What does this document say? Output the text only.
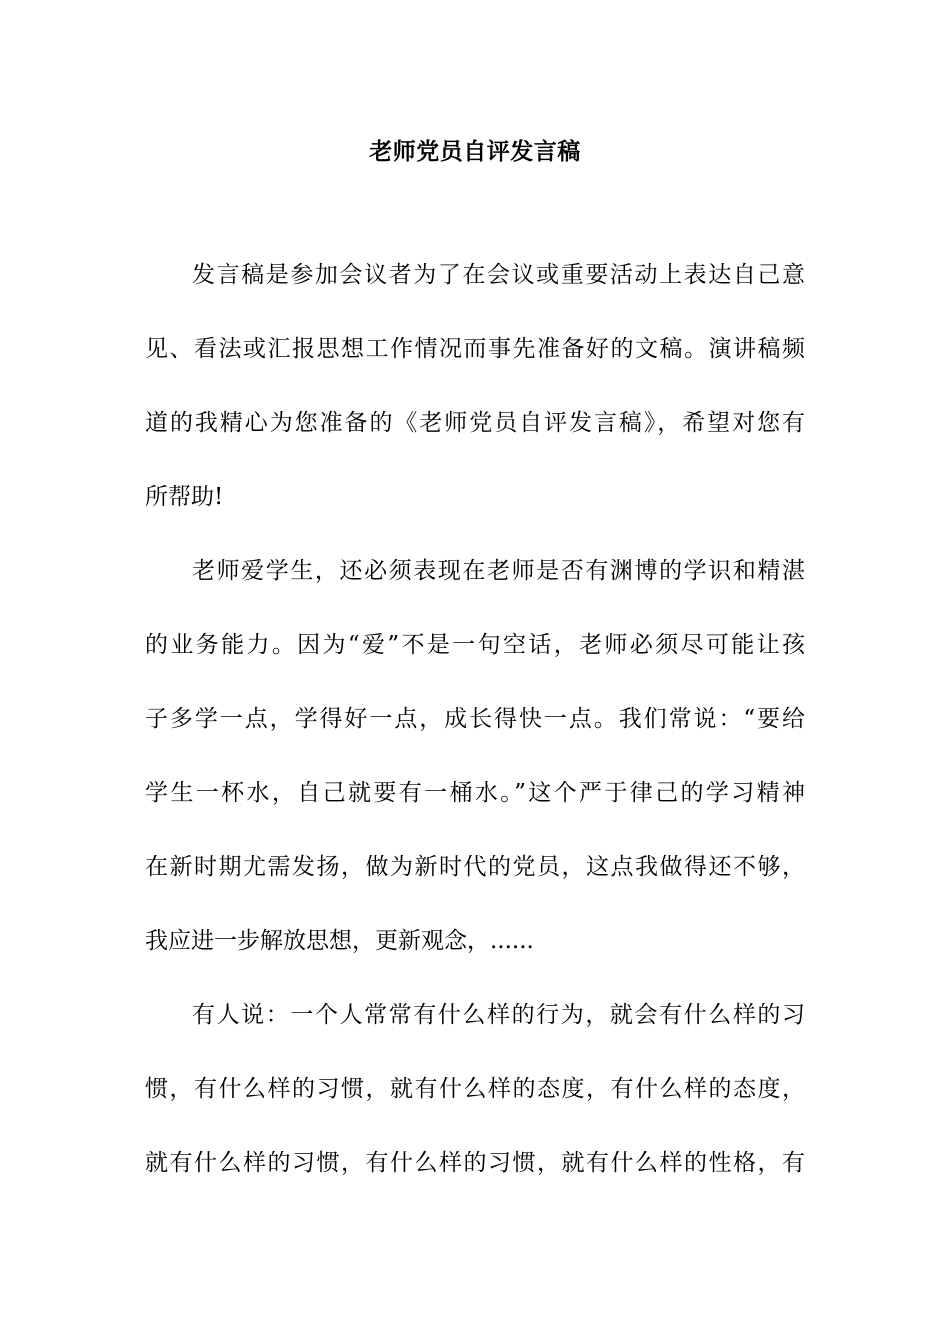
老师党员自评发言稿
发言稿是参加会议者为了在会议或重要活动上表达自己意
见、看法或汇报思想工作情况而事先准备好的文稿。演讲稿频
道的我精心为您准备的《老师党员自评发言稿》，希望对您有
所帮助!
老师爱学生，还必须表现在老师是否有渊博的学识和精湛
的业务能力。因为“爱”不是一句空话，老师必须尽可能让孩
子多学一点，学得好一点，成长得快一点。我们常说：“要给
学生一杯水，自己就要有一桶水。”这个严于律己的学习精神
在新时期尤需发扬，做为新时代的党员，这点我做得还不够，
我应进一步解放思想，更新观念，......
有人说：一个人常常有什么样的行为，就会有什么样的习
惯，有什么样的习惯，就有什么样的态度，有什么样的态度，
就有什么样的习惯，有什么样的习惯，就有什么样的性格，有
